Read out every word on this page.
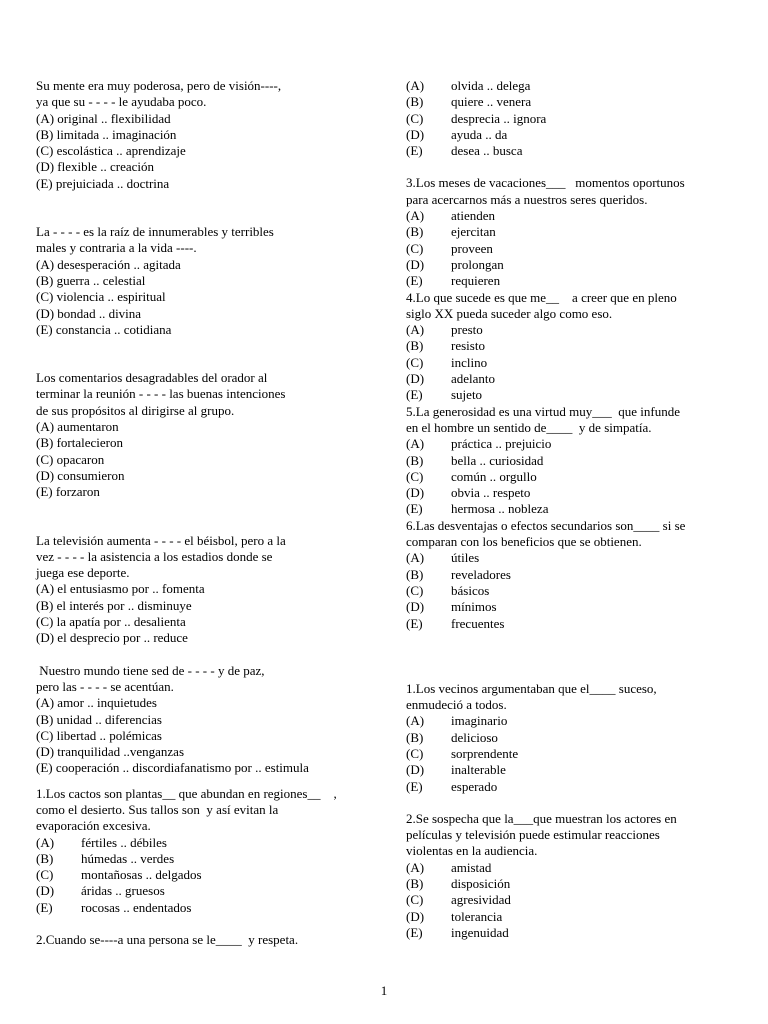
Su mente era muy poderosa, pero de visión----,
ya que su - - - - le ayudaba poco.
(A) original .. flexibilidad
(B) limitada .. imaginación
(C) escolástica .. aprendizaje
(D) flexible .. creación
(E) prejuiciada .. doctrina
La - - - - es la raíz de innumerables y terribles
males y contraria a la vida ----.
(A) desesperación .. agitada
(B) guerra .. celestial
(C) violencia .. espiritual
(D) bondad .. divina
(E) constancia .. cotidiana
Los comentarios desagradables del orador al
terminar la reunión - - - - las buenas intenciones
de sus propósitos al dirigirse al grupo.
(A) aumentaron
(B) fortalecieron
(C) opacaron
(D) consumieron
(E) forzaron
La televisión aumenta - - - - el béisbol, pero a la
vez - - - - la asistencia a los estadios donde se
juega ese deporte.
(A) el entusiasmo por .. fomenta
(B) el interés por .. disminuye
(C) la apatía por .. desalienta
(D) el desprecio por .. reduce
Nuestro mundo tiene sed de - - - - y de paz,
pero las - - - - se acentúan.
(A) amor .. inquietudes
(B) unidad .. diferencias
(C) libertad .. polémicas
(D) tranquilidad ..venganzas
(E) cooperación .. discordiafanatismo por .. estimula
1.Los cactos son plantas__ que abundan en regiones__    ,
como el desierto. Sus tallos son  y así evitan la
evaporación excesiva.
(A)	fértiles .. débiles
(B)	húmedas .. verdes
(C)	montañosas .. delgados
(D)	áridas .. gruesos
(E)	rocosas .. endentados
2.Cuando se----a una persona se le____  y respeta.
(A)	olvida .. delega
(B)	quiere .. venera
(C)	desprecia .. ignora
(D)	ayuda .. da
(E)	desea .. busca
3.Los meses de vacaciones___   momentos oportunos
para acercarnos más a nuestros seres queridos.
(A)	atienden
(B)	ejercitan
(C)	proveen
(D)	prolongan
(E)	requieren
4.Lo que sucede es que me__    a creer que en pleno
siglo XX pueda suceder algo como eso.
(A)	presto
(B)	resisto
(C)	inclino
(D)	adelanto
(E)	sujeto
5.La generosidad es una virtud muy___  que infunde
en el hombre un sentido de____  y de simpatía.
(A)	práctica .. prejuicio
(B)	bella .. curiosidad
(C)	común .. orgullo
(D)	obvia .. respeto
(E)	hermosa .. nobleza
6.Las desventajas o efectos secundarios son____ si se
comparan con los beneficios que se obtienen.
(A)	útiles
(B)	reveladores
(C)	básicos
(D)	mínimos
(E)	frecuentes
1.Los vecinos argumentaban que el____ suceso,
enmudeció a todos.
(A)	imaginario
(B)	delicioso
(C)	sorprendente
(D)	inalterable
(E)	esperado
2.Se sospecha que la___que muestran los actores en
películas y televisión puede estimular reacciones
violentas en la audiencia.
(A)	amistad
(B)	disposición
(C)	agresividad
(D)	tolerancia
(E)	ingenuidad
1
